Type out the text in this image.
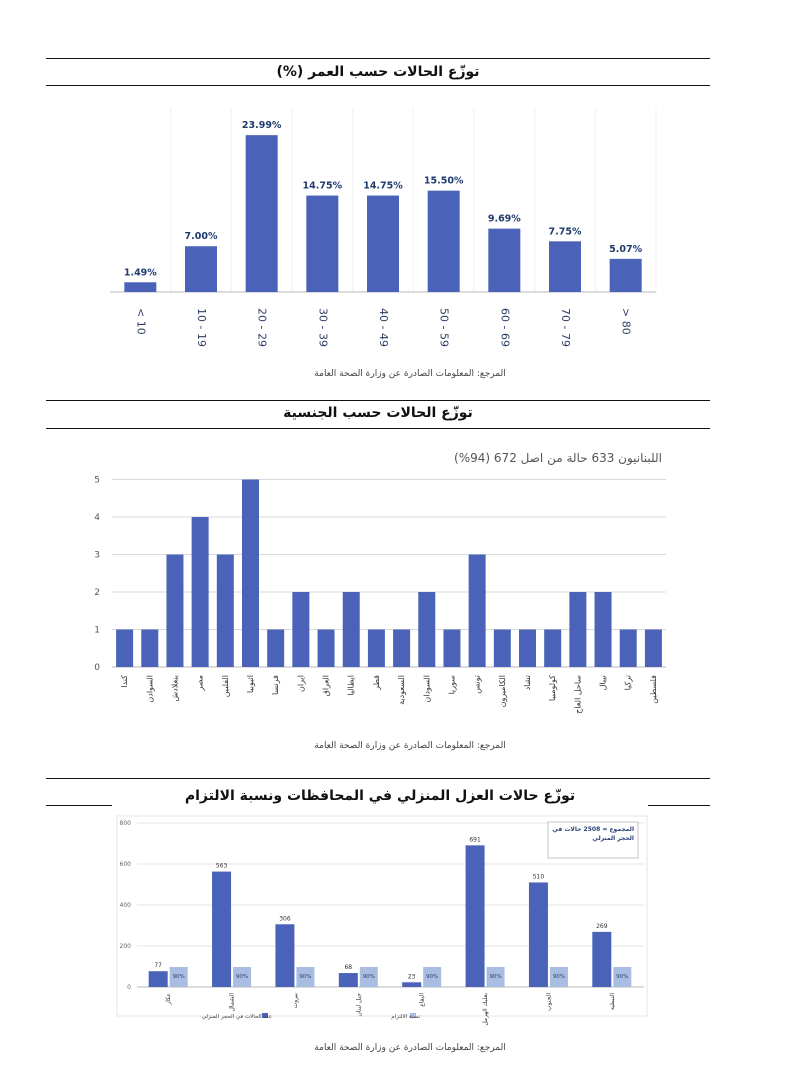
توزّع الحالات حسب العمر (%)
1.49%
< 10
7.00%
10 - 19
23.99%
20 - 29
14.75%
30 - 39
14.75%
40 - 49
15.50%
50 - 59
9.69%
60 - 69
7.75%
70 - 79
5.07%
> 80
المرجع: المعلومات الصادرة عن وزارة الصحة العامة
توزّع الحالات حسب الجنسية
اللبنانيون 633 حالة من اصل 672 (94%)
0
1
2
3
4
5
كندا السوادن بنغلادش مصر الفلبين اثيوبيا فرنسا ايران العراق ايطاليا قطر السعودية السودان سوريا تونس الكاميرون تشاد كولومبيا ساحل العاج نيبال تركيا فلسطين
المرجع: المعلومات الصادرة عن وزارة الصحة العامة
توزّع حالات العزل المنزلي في المحافظات ونسبة الالتزام
0
200
400
600
800
77
90%
عكار
563
90%
الشمال
306
90%
بيروت
68
90%
جبل لبنان
23 90%
البقاع
691
90%
بعلبك الهرمل
510
90%
الجنوب
269
90%
النبطية
عدد الحالات في الحجر المنزلي	نسبة الالتزام
المجموع = 2508 حالات في الحجر المنزلي
المرجع: المعلومات الصادرة عن وزارة الصحة العامة
